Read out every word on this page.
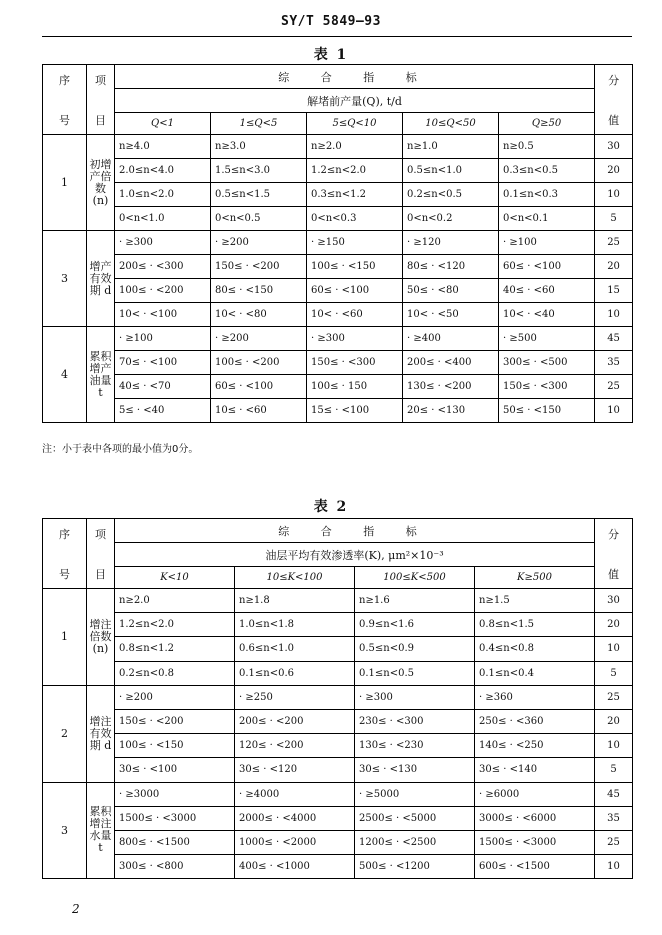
SY/T 5849—93
表 1
序
号	项
目	综 合 指 标					分
值

		解堵前产量(Q), t/d					
		Q<1	1≤Q<5	5≤Q<10	10≤Q<50	Q≥50	
1	初增产倍数 (n)	n≥4.0	n≥3.0	n≥2.0	n≥1.0	n≥0.5	30
		2.0≤n<4.0	1.5≤n<3.0	1.2≤n<2.0	0.5≤n<1.0	0.3≤n<0.5	20
		1.0≤n<2.0	0.5≤n<1.5	0.3≤n<1.2	0.2≤n<0.5	0.1≤n<0.3	10
		0<n<1.0	0<n<0.5	0<n<0.3	0<n<0.2	0<n<0.1	5
3	增产有效期 d	· ≥300	· ≥200	· ≥150	· ≥120	· ≥100	25
		200≤ · <300	150≤ · <200	100≤ · <150	80≤ · <120	60≤ · <100	20
		100≤ · <200	80≤ · <150	60≤ · <100	50≤ · <80	40≤ · <60	15
		10< · <100	10< · <80	10< · <60	10< · <50	10< · <40	10
4	累积增产油量 t	· ≥100	· ≥200	· ≥300	· ≥400	· ≥500	45
		70≤ · <100	100≤ · <200	150≤ · <300	200≤ · <400	300≤ · <500	35
		40≤ · <70	60≤ · <100	100≤ · 150	130≤ · <200	150≤ · <300	25
		5≤ · <40	10≤ · <60	15≤ · <100	20≤ · <130	50≤ · <150	10
注：小于表中各项的最小值为0分。
表 2
序
号	项
目	综 合 指 标				分
值

		油层平均有效渗透率(K), μm²×10⁻³				
		K<10	10≤K<100	100≤K<500	K≥500	
1	增注倍数 (n)	n≥2.0	n≥1.8	n≥1.6	n≥1.5	30
		1.2≤n<2.0	1.0≤n<1.8	0.9≤n<1.6	0.8≤n<1.5	20
		0.8≤n<1.2	0.6≤n<1.0	0.5≤n<0.9	0.4≤n<0.8	10
		0.2≤n<0.8	0.1≤n<0.6	0.1≤n<0.5	0.1≤n<0.4	5
2	增注有效期 d	· ≥200	· ≥250	· ≥300	· ≥360	25
		150≤ · <200	200≤ · <200	230≤ · <300	250≤ · <360	20
		100≤ · <150	120≤ · <200	130≤ · <230	140≤ · <250	10
		30≤ · <100	30≤ · <120	30≤ · <130	30≤ · <140	5
3	累积增注水量 t	· ≥3000	· ≥4000	· ≥5000	· ≥6000	45
		1500≤ · <3000	2000≤ · <4000	2500≤ · <5000	3000≤ · <6000	35
		800≤ · <1500	1000≤ · <2000	1200≤ · <2500	1500≤ · <3000	25
		300≤ · <800	400≤ · <1000	500≤ · <1200	600≤ · <1500	10
2
